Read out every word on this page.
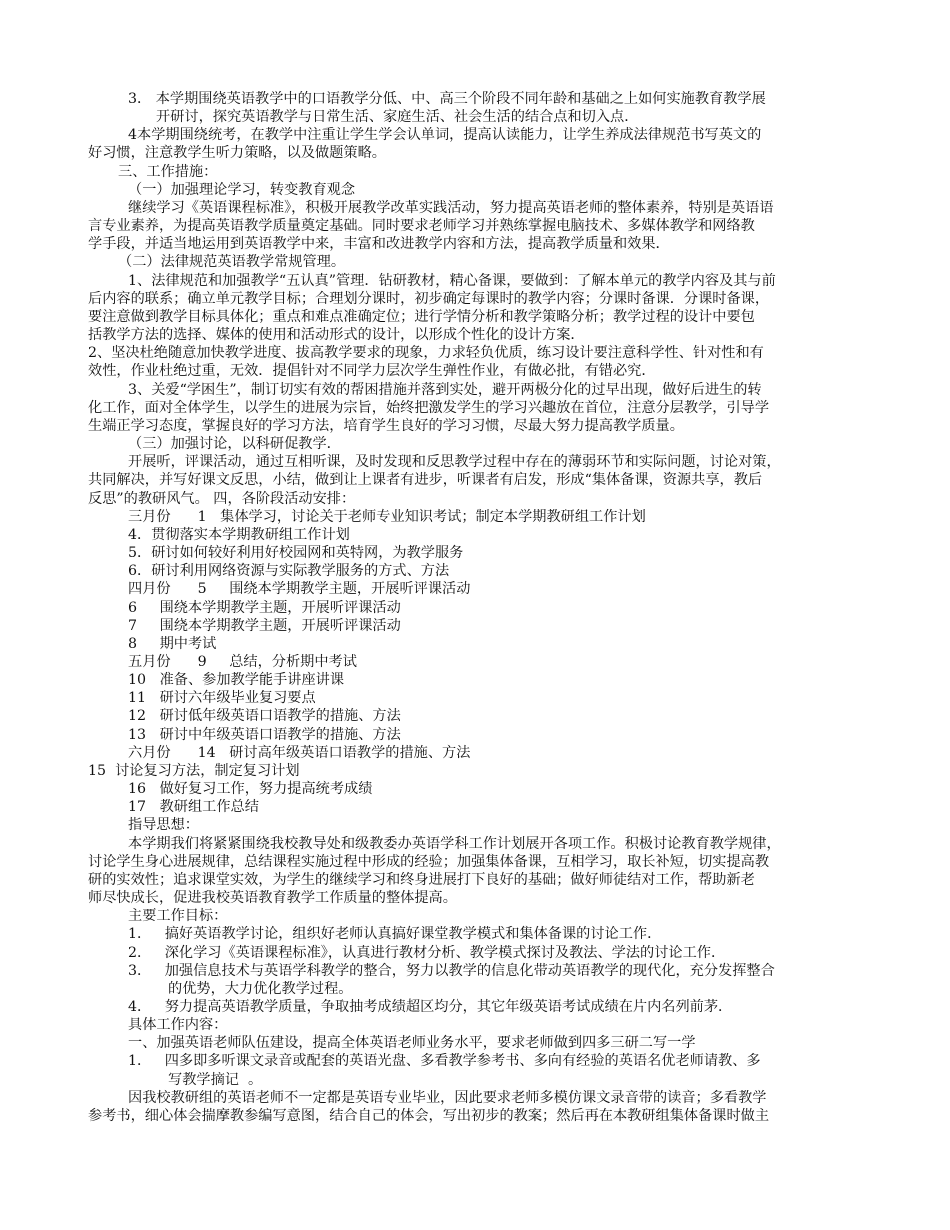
3． 本学期围绕英语教学中的口语教学分低、中、高三个阶段不同年龄和基础之上如何实施教育教学展
开研讨，探究英语教学与日常生活、家庭生活、社会生活的结合点和切入点．
4本学期围绕统考，在教学中注重让学生学会认单词，提高认读能力，让学生养成法律规范书写英文的
好习惯，注意教学生听力策略，以及做题策略。
三、工作措施：
（一）加强理论学习，转变教育观念
继续学习《英语课程标准》，积极开展教学改革实践活动，努力提高英语老师的整体素养，特别是英语语
言专业素养，为提高英语教学质量奠定基础。同时要求老师学习并熟练掌握电脑技术、多媒体教学和网络教
学手段，并适当地运用到英语教学中来，丰富和改进教学内容和方法，提高教学质量和效果．
（二）法律规范英语教学常规管理。
1、法律规范和加强教学“五认真”管理．钻研教材，精心备课，要做到：了解本单元的教学内容及其与前
后内容的联系；确立单元教学目标；合理划分课时，初步确定每课时的教学内容；分课时备课．分课时备课，
要注意做到教学目标具体化；重点和难点准确定位；进行学情分析和教学策略分析；教学过程的设计中要包
括教学方法的选择、媒体的使用和活动形式的设计，以形成个性化的设计方案．
2、坚决杜绝随意加快教学进度、拔高教学要求的现象，力求轻负优质，练习设计要注意科学性、针对性和有
效性，作业杜绝过重，无效．提倡针对不同学力层次学生弹性作业，有做必批，有错必究．
3、关爱“学困生”，制订切实有效的帮困措施并落到实处，避开两极分化的过早出现，做好后进生的转
化工作，面对全体学生，以学生的进展为宗旨，始终把激发学生的学习兴趣放在首位，注意分层教学，引导学
生端正学习态度，掌握良好的学习方法，培育学生良好的学习习惯，尽最大努力提高教学质量。
（三）加强讨论，以科研促教学．
开展听，评课活动，通过互相听课，及时发现和反思教学过程中存在的薄弱环节和实际问题，讨论对策，
共同解决，并写好课文反思，小结，做到让上课者有进步，听课者有启发，形成“集体备课，资源共享，教后
反思”的教研风气。 四，各阶段活动安排：
三月份      1   集体学习，讨论关于老师专业知识考试；制定本学期教研组工作计划
4．贯彻落实本学期教研组工作计划
5．研讨如何较好利用好校园网和英特网，为教学服务
6．研讨利用网络资源与实际教学服务的方式、方法
四月份      5     围绕本学期教学主题，开展听评课活动
6     围绕本学期教学主题，开展听评课活动
7     围绕本学期教学主题，开展听评课活动
8     期中考试
五月份      9     总结，分析期中考试
10   准备、参加教学能手讲座讲课
11   研讨六年级毕业复习要点
12   研讨低年级英语口语教学的措施、方法
13   研讨中年级英语口语教学的措施、方法
六月份      14   研讨高年级英语口语教学的措施、方法
15  讨论复习方法，制定复习计划
16   做好复习工作，努力提高统考成绩
17   教研组工作总结
指导思想：
本学期我们将紧紧围绕我校教导处和级教委办英语学科工作计划展开各项工作。积极讨论教育教学规律，
讨论学生身心进展规律，总结课程实施过程中形成的经验；加强集体备课，互相学习，取长补短，切实提高教
研的实效性；追求课堂实效，为学生的继续学习和终身进展打下良好的基础；做好师徒结对工作，帮助新老
师尽快成长，促进我校英语教育教学工作质量的整体提高。
主要工作目标：
1．   搞好英语教学讨论，组织好老师认真搞好课堂教学模式和集体备课的讨论工作．
2．   深化学习《英语课程标准》，认真进行教材分析、教学模式探讨及教法、学法的讨论工作．
3．   加强信息技术与英语学科教学的整合，努力以教学的信息化带动英语教学的现代化，充分发挥整合
的优势，大力优化教学过程。
4．   努力提高英语教学质量，争取抽考成绩超区均分，其它年级英语考试成绩在片内名列前茅．
具体工作内容：
一、加强英语老师队伍建设，提高全体英语老师业务水平，要求老师做到四多三研二写一学
1．   四多即多听课文录音或配套的英语光盘、多看教学参考书、多向有经验的英语名优老师请教、多
写教学摘记  。
因我校教研组的英语老师不一定都是英语专业毕业，因此要求老师多模仿课文录音带的读音；多看教学
参考书，细心体会揣摩教参编写意图，结合自己的体会，写出初步的教案；然后再在本教研组集体备课时做主
